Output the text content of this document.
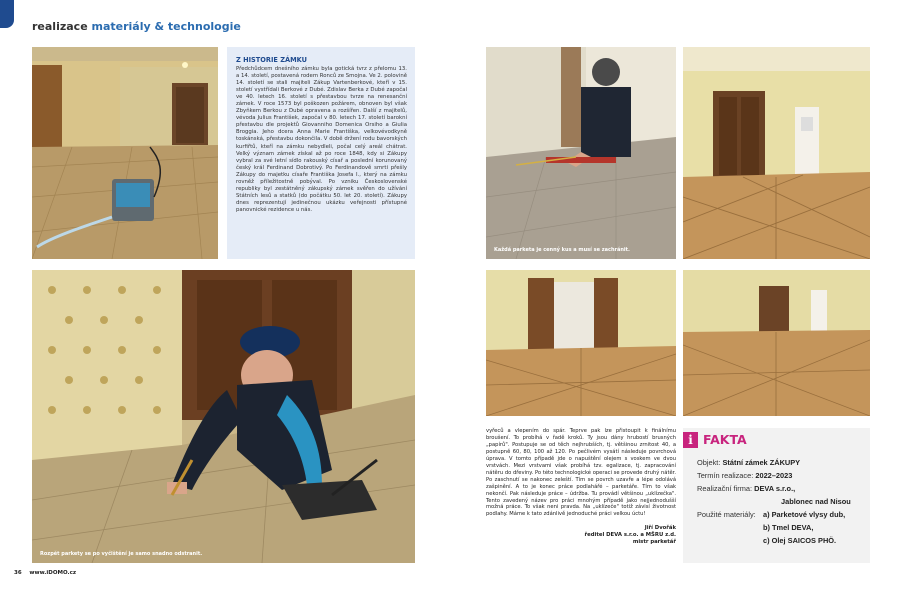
realizace materiály & technologie
Z HISTORIE ZÁMKU

Předchůdcem dnešního zámku byla gotická tvrz z přelomu 13. a 14. století, postavená rodem Ronců ze Smojna. Ve 2. polovině 14. století se stali majiteli Zákup Vartenberkové, kteří v 15. století vystřídali Berkové z Dubé. Zdislav Berka z Dubé započal ve 40. letech 16. století s přestavbou tvrze na renesanční zámek. V roce 1573 byl poškozen požárem, obnoven byl však Zbyňkem Berkou z Dubé opravena a rozšířen. Další z majitelů, vévoda Julius František, započal v 80. letech 17. století barokní přestavbu dle projektů Giovanniho Domenica Orsiho a Giulia Broggia. Jeho dcera Anna Marie Františka, velkovévodkyně toskánská, přestavbu dokončila. V době držení rodu bavorských kurfiřtů, kteří na zámku nebydleli, počal celý areál chátrat. Velký význam zámek získal až po roce 1848, kdy si Zákupy vybral za své letní sídlo rakouský císař a poslední korunovaný český král Ferdinand Dobrotivý. Po Ferdinandově smrti přešly Zákupy do majetku císaře Františka Josefa I., který na zámku rovněž příležitostně pobýval. Po vzniku Československé republiky byl zestátněný zákupský zámek svěřen do užívání Státních lesů a statků (do počátku 50. let 20. století). Zákupy dnes reprezentují jedinečnou ukázku veřejnosti přístupné panovnické rezidence u nás.

Rozpět parkety se po vyčištění je samo snadno odstranit.
Každá parketa je cenný kus a musí se zachránit.
vyřeců a vlepením do spár. Teprve pak lze přistoupit k finálnímu broušení. To probíhá v řadě kroků. Ty jsou dány hrubostí brusných „papírů". Postupuje se od těch nejhrubších, tj. většinou zrnitost 40, a postupně 60, 80, 100 až 120. Po pečlivém vysátí následuje povrchová úprava. V tomto případě jde o napuštění olejem s voskem ve dvou vrstvách. Mezi vrstvami však probíhá tzv. egalizace, tj. zapracování nátěru do dřeviny. Po této technologické operaci se provede druhý nátěr. Po zaschnutí se nakonec zeleští. Tím se povrch uzavře a lépe odolává zašpinění. A to je konec práce podlahářé – parketáře. Tím to však nekončí. Pak následuje práce – údržba. Tu provádí většinou „uklízečka". Tento zavedený název pro práci mnohým případě jako nejjednodušší možná práce. To však neni pravda. Na „uklízeče" totiž závisí životnost podlahy. Máme k tato zdánlivě jednoduché práci velkou úctu!
Jiří Dvořák
ředitel DEVA s.r.o. a MŠRU z.d.
mistr parketář
i FAKTA
Objekt: Státní zámek ZÁKUPY
Termín realizace: 2022–2023
Realizační firma: DEVA s.r.o.,
Jablonec nad Nisou
Použité materiály: a) Parketové vlysy dub,
b) Tmel DEVA,
c) Olej SAICOS PHÖ.
36 www.iDOMO.cz
